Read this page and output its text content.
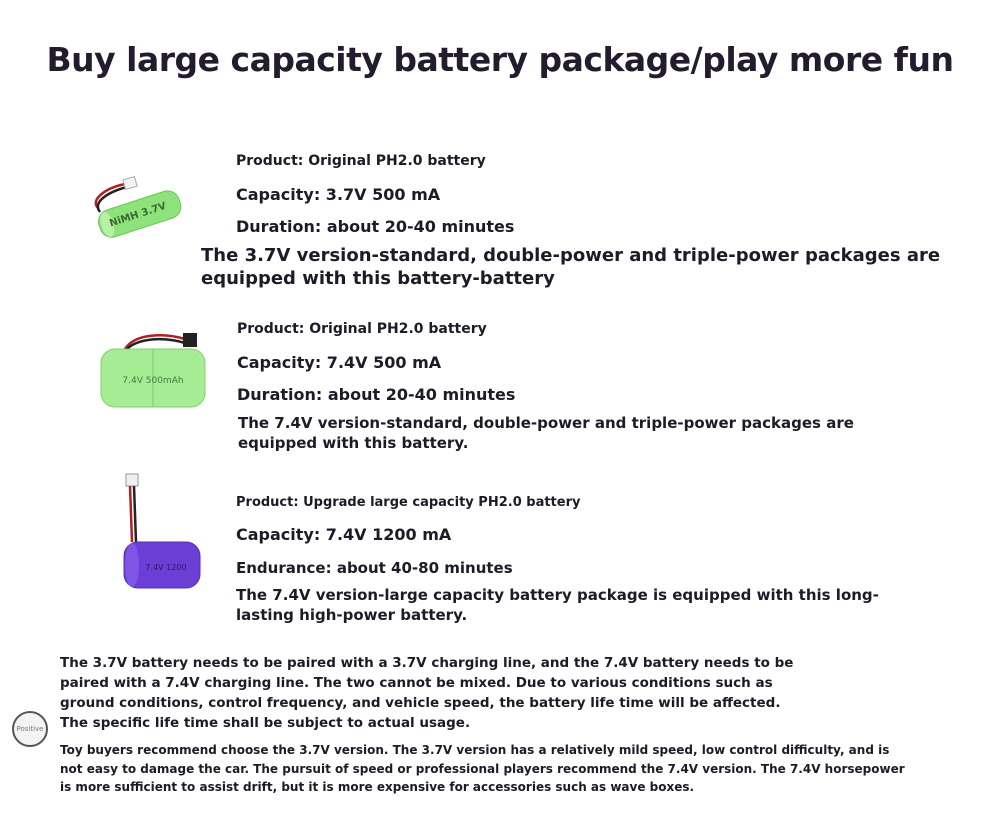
Buy large capacity battery package/play more fun
NiMH 3.7V
Product: Original PH2.0 battery
Capacity: 3.7V 500 mA
Duration: about 20-40 minutes
The 3.7V version-standard, double-power and triple-power packages are
equipped with this battery-battery
7.4V 500mAh
Product: Original PH2.0 battery
Capacity: 7.4V 500 mA
Duration: about 20-40 minutes
The 7.4V version-standard, double-power and triple-power packages are
equipped with this battery.
7.4V 1200
Product: Upgrade large capacity PH2.0 battery
Capacity: 7.4V 1200 mA
Endurance: about 40-80 minutes
The 7.4V version-large capacity battery package is equipped with this long-
lasting high-power battery.
The 3.7V battery needs to be paired with a 3.7V charging line, and the 7.4V battery needs to be
paired with a 7.4V charging line. The two cannot be mixed. Due to various conditions such as
ground conditions, control frequency, and vehicle speed, the battery life time will be affected.
The specific life time shall be subject to actual usage.
Positive
Toy buyers recommend choose the 3.7V version. The 3.7V version has a relatively mild speed, low control difficulty, and is
not easy to damage the car. The pursuit of speed or professional players recommend the 7.4V version. The 7.4V horsepower
is more sufficient to assist drift, but it is more expensive for accessories such as wave boxes.
